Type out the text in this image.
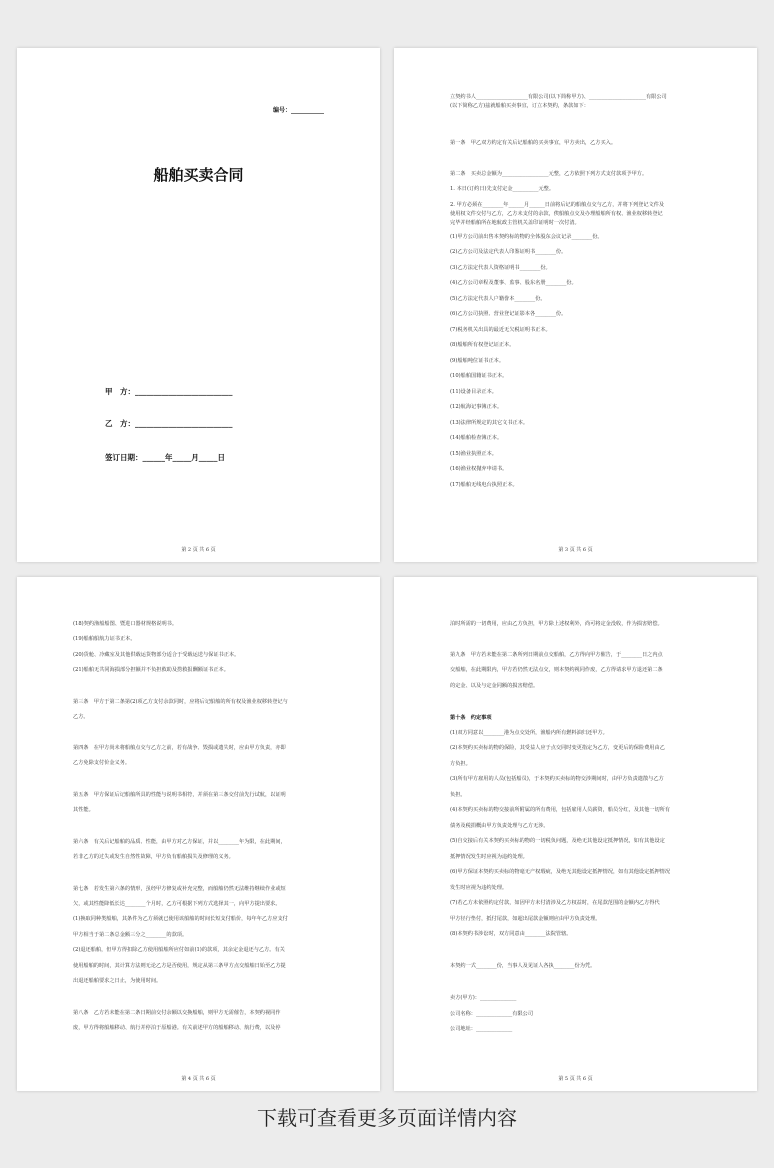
编号：___________
船舶买卖合同
甲　方：__________________________
乙　方：__________________________
签订日期：______年_____月_____日
第 2 页 共 6 页
立契约书人____________________有限公司(以下简称甲方)、______________________有限公司
(以下简称乙方)兹就船舶买卖事宜，订立本契约，条款如下：
第一条　甲乙双方约定有关后记船舶的买卖事宜，甲方卖出，乙方买入。
第二条　买卖总金额为__________________元整，乙方依照下列方式支付款项予甲方。
1. 本日(订约日)先支付定金__________元整。
2. 甲方必须在________年______月______日前将后记的船舶点交与乙方，并将下列登记文件及
使用权文件交付与乙方，乙方未支付的余款，俟船舶点交及办理船舶所有权、渔业权移转登记
完毕并经船舶所在地航政主管机关盖印证明时一次付清。
(1)甲方公司前出售本契约标的物的全体股东会议记录________份。
(2)乙方公司及法定代表人印鉴证明书________份。
(3)乙方法定代表人资格证明书________份。
(4)乙方公司章程及董事、监事、股东名册________份。
(5)乙方法定代表人户籍誊本________份。
(6)乙方公司执照、营业登记证影本各________份。
(7)税务机关出具的最近无欠税证明书正本。
(8)船舶所有权登记证正本。
(9)船舶吨位证书正本。
(10)船舶国籍证书正本。
(11)设备目录正本。
(12)航海记事簿正本。
(13)法律所规定的其它文书正本。
(14)船舶检查簿正本。
(15)渔业执照正本。
(16)渔业权抛弃申请书。
(17)船舶无线电台执照正本。
第 3 页 共 6 页
(18)契约渔船船图、暨进口器材规格说明书。
(19)船舶船航力证书正本。
(20)货舱、冷藏室及其他供载运货物部分适合于受载运送与保证书正本。
(21)船舶无共同海损部分担额并不负担救助及捞救报酬额证书正本。
第三条　甲方于第二条第(2)项乙方支付余款同时，应将后记船舶的所有权及渔业权移转登记与
乙方。
第四条　在甲方尚未将船舶点交与乙方之前，若有战争、毁损或遗失时，应由甲方负责，亦即
乙方免除支付价金义务。
第五条　甲方保证后记船舶所具的性能与说明书相符，并须在第三条交付前先行试航，以证明
其性能。
第六条　有关后记船舶的品质、性能，由甲方对乙方保证，并以________年为限，在此期间，
若非乙方的过失或发生自然性故障，甲方负有船舶损失及修理的义务。
第七条　若发生第六条的情形，虽经甲方修复或补充完整，而船舶仍然无法维持继续作业或短
欠，或其性能降低长达________个月时，乙方可根据下列方式选择其一，向甲方提出要求。
(1)换取同种类船舶，其条件为乙方须就已使用该船舶的时间长短支付船价，每年年乙方应支付
甲方相当于第二条总金额三分之________的款项。
(2)退还船舶，但甲方得扣除乙方使用船舶所应付如前(1)的款项，其余定金退还与乙方。有关
使用船舶的时间，其计算方法则无论乙方是否使用，规定从第三条甲方点交船舶日始至乙方提
出退还船舶要求之日止，为使用时间。
第八条　乙方若未能在第二条日期前交付余额以交换船舶，则甲方无需催告，本契约视同作
废，甲方得将船舶移动、航行并停泊于原船港。有关前述甲方的船舶移动、航行费，以及停
第 4 页 共 6 页
泊时所需的一切费用，应由乙方负担，甲方除上述权利外，尚可将定金没收，作为损害赔偿。
第九条　甲方若未能在第二条所列日期前点交船舶，乙方得向甲方催告，于________日之内点
交船舶，在此期限内，甲方若仍然无法点交，则本契约视同作废，乙方得请求甲方退还第二条
的定金、以及与定金同额的损害赔偿。
第十条　约定事项
(1)双方同意以________港为点交处所，渔船内所有燃料油归还甲方。
(2)本契约买卖标的物的保险，其受益人应于点交同时变更指定为乙方，变更后的保险费用由乙
方负担。
(3)所有甲方雇用的人员(包括船员)，于本契约买卖标的物交涉期间时，由甲方负责遣散与乙方
负担。
(4)本契约买卖标的物交接前所附属的所有费用，包括雇用人员薪资，船员分红，及其他一切所有
债务及税捐概由甲方负责处理与乙方无涉。
(5)自交接后有关本契约买卖标的物的一切税负问题，及绝无其他设定抵押情况，如有其他设定
抵押情况发生时应视为违约处理。
(6)甲方保证本契约买卖标的物毫无产权瑕疵，及绝无其他设定抵押情况，如有其他设定抵押情况
发生时应视为违约处理。
(7)若乙方未依照约定付款，如因甲方未付清涉及乙方权益时，在尾款范围的金额内乙方得代
甲方径行垫付，抵付尾款，如超出尾款金额则应由甲方负责处理。
(8)本契约书涉讼时，双方同意由________法院管辖。
本契约一式________份，当事人及见证人各执________份为凭。
卖方(甲方)：______________
公司名称：______________有限公司
公司地址：______________
第 5 页 共 6 页
下载可查看更多页面详情内容
